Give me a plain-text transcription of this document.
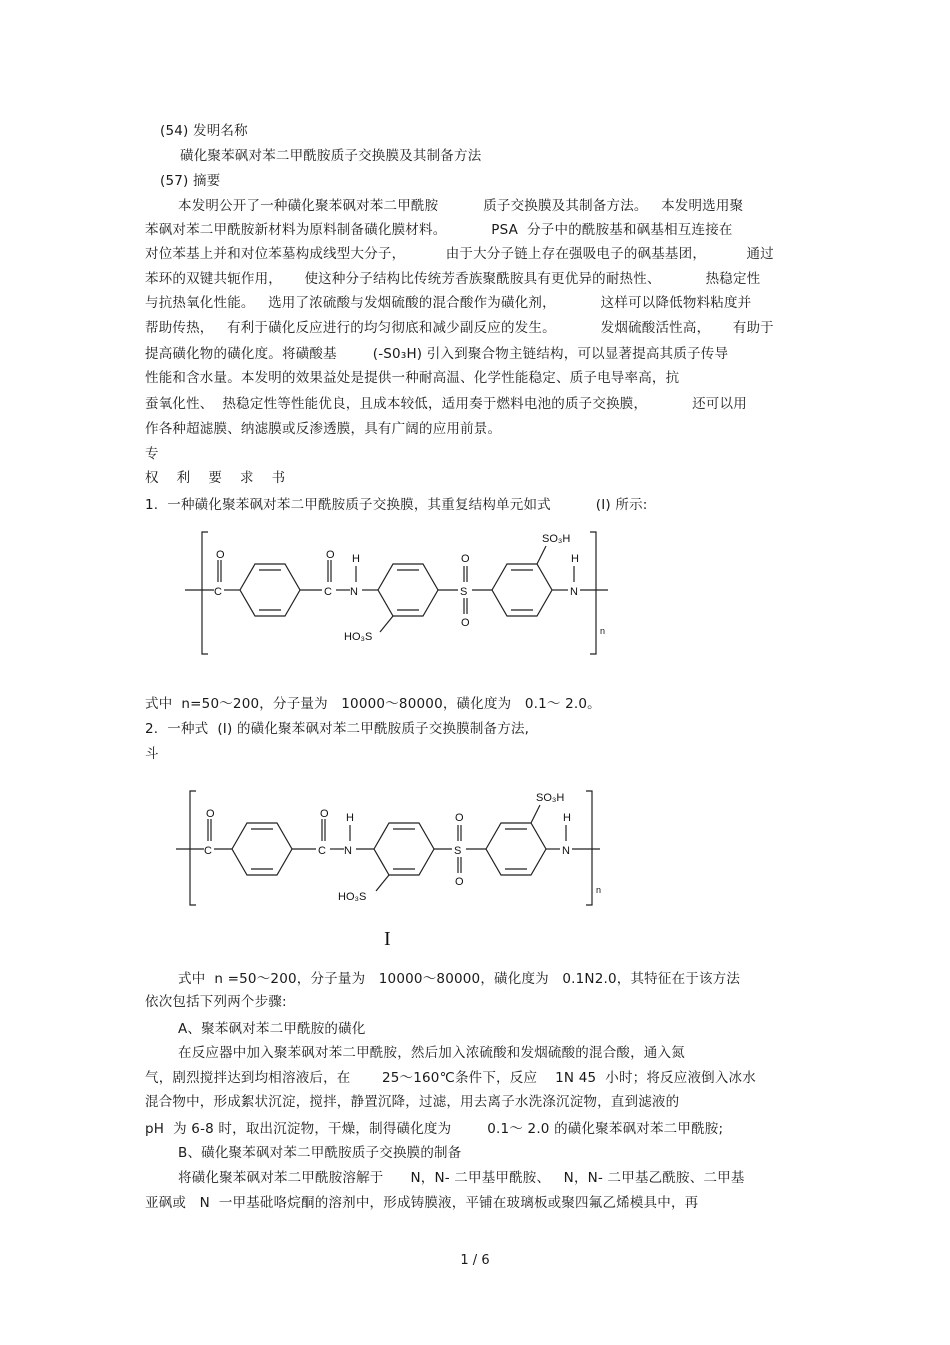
(54) 发明名称
磺化聚苯砜对苯二甲酰胺质子交换膜及其制备方法
(57) 摘要
本发明公开了一种磺化聚苯砜对苯二甲酰胺          质子交换膜及其制备方法。   本发明选用聚
苯砜对苯二甲酰胺新材料为原料制备磺化膜材料。          PSA  分子中的酰胺基和砜基相互连接在
对位苯基上并和对位苯墓构成线型大分子，         由于大分子链上存在强吸电子的砜基基团，         通过
苯环的双键共轭作用，     使这种分子结构比传统芳香族聚酰胺具有更优异的耐热性、          热稳定性
与抗热氧化性能。   选用了浓硫酸与发烟硫酸的混合酸作为磺化剂，          这样可以降低物料粘度并
帮助传热，   有利于磺化反应进行的均匀彻底和减少副反应的发生。          发烟硫酸活性高，     有助于
提高磺化物的磺化度。将磺酸基        (-S0₃H) 引入到聚合物主链结构，可以显著提高其质子传导
性能和含水量。本发明的效果益处是提供一种耐高温、化学性能稳定、质子电导率高，抗
蚕氧化性、  热稳定性等性能优良，且成本较低，适用奏于燃料电池的质子交换膜，          还可以用
作各种超滤膜、纳滤膜或反渗透膜，具有广阔的应用前景。
专
权    利    要    求    书
1.  一种磺化聚苯砜对苯二甲酰胺质子交换膜，其重复结构单元如式          (I) 所示:
C
O
C
O
N
H
HO₃S
S
O
O
SO₃H
N
H
n
式中  n=50～200，分子量为   10000～80000，磺化度为   0.1～ 2.0。
2.  一种式  (I) 的磺化聚苯砜对苯二甲酰胺质子交换膜制备方法,
斗
C
O
C
O
N
H
HO₃S
S
O
O
SO₃H
N
H
n
I
式中  n =50～200，分子量为   10000～80000，磺化度为   0.1N2.0，其特征在于该方法
依次包括下列两个步骤:
A、聚苯砜对苯二甲酰胺的磺化
在反应器中加入聚苯砜对苯二甲酰胺，然后加入浓硫酸和发烟硫酸的混合酸，通入氮
气，剧烈搅拌达到均相溶液后，在       25～160℃条件下，反应    1N 45  小时；将反应液倒入冰水
混合物中，形成絮状沉淀，搅拌，静置沉降，过滤，用去离子水洗涤沉淀物，直到滤液的
pH  为 6-8 时，取出沉淀物，干燥，制得磺化度为        0.1～ 2.0 的磺化聚苯砜对苯二甲酰胺;
B、磺化聚苯砜对苯二甲酰胺质子交换膜的制备
将磺化聚苯砜对苯二甲酰胺溶解于      N，N- 二甲基甲酰胺、   N，N- 二甲基乙酰胺、二甲基
亚砜或   N  一甲基砒咯烷酮的溶剂中，形成铸膜液，平铺在玻璃板或聚四氟乙烯模具中，再
1 / 6
